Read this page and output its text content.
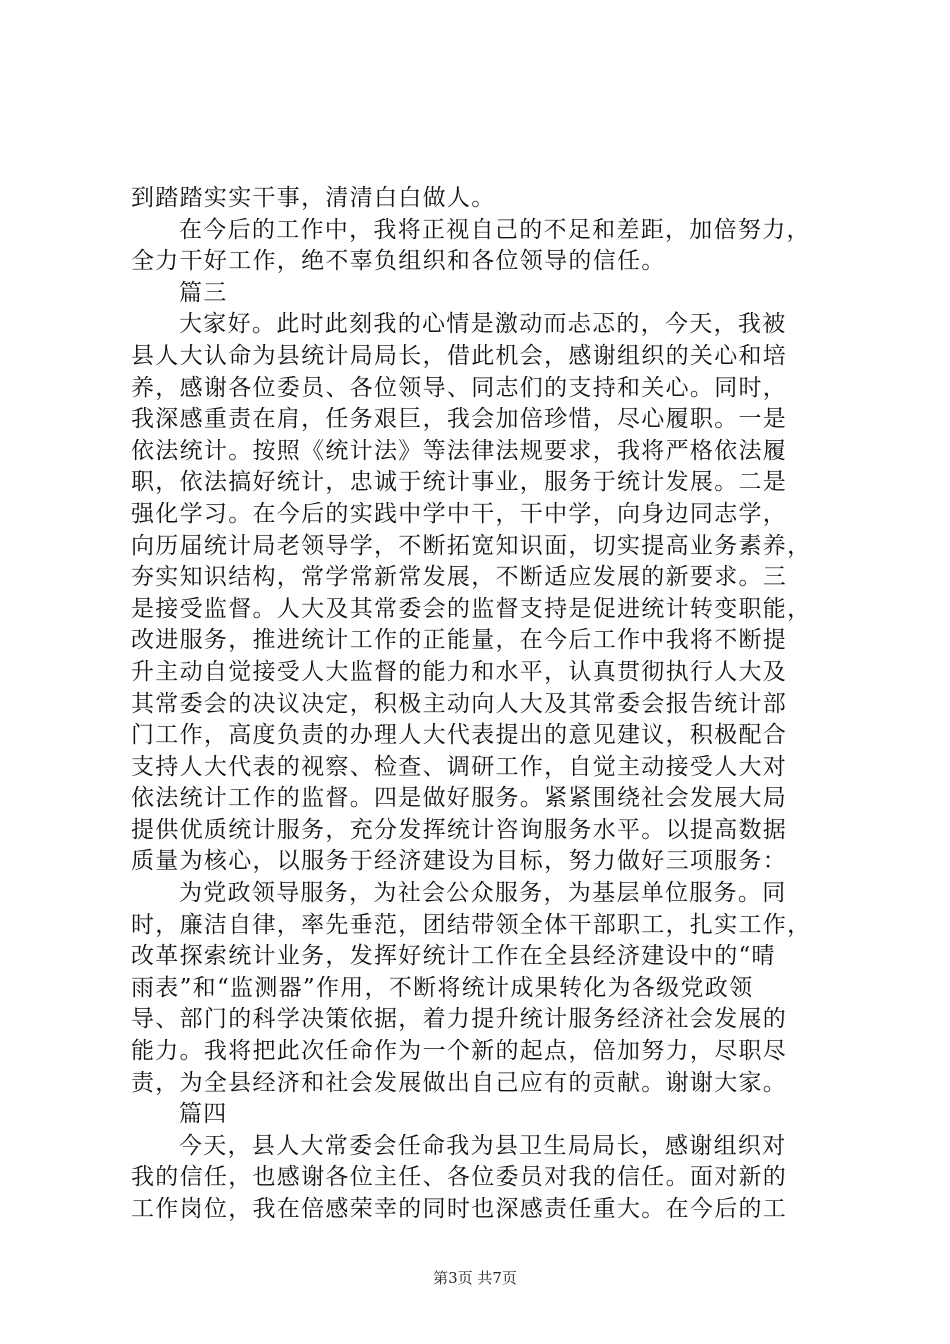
到踏踏实实干事，清清白白做人。
在今后的工作中，我将正视自己的不足和差距，加倍努力，
全力干好工作，绝不辜负组织和各位领导的信任。
篇三
大家好。此时此刻我的心情是激动而忐忑的，今天，我被
县人大认命为县统计局局长，借此机会，感谢组织的关心和培
养，感谢各位委员、各位领导、同志们的支持和关心。同时，
我深感重责在肩，任务艰巨，我会加倍珍惜，尽心履职。一是
依法统计。按照《统计法》等法律法规要求，我将严格依法履
职，依法搞好统计，忠诚于统计事业，服务于统计发展。二是
强化学习。在今后的实践中学中干，干中学，向身边同志学，
向历届统计局老领导学，不断拓宽知识面，切实提高业务素养，
夯实知识结构，常学常新常发展，不断适应发展的新要求。三
是接受监督。人大及其常委会的监督支持是促进统计转变职能，
改进服务，推进统计工作的正能量，在今后工作中我将不断提
升主动自觉接受人大监督的能力和水平，认真贯彻执行人大及
其常委会的决议决定，积极主动向人大及其常委会报告统计部
门工作，高度负责的办理人大代表提出的意见建议，积极配合
支持人大代表的视察、检查、调研工作，自觉主动接受人大对
依法统计工作的监督。四是做好服务。紧紧围绕社会发展大局
提供优质统计服务，充分发挥统计咨询服务水平。以提高数据
质量为核心，以服务于经济建设为目标，努力做好三项服务：
为党政领导服务，为社会公众服务，为基层单位服务。同
时，廉洁自律，率先垂范，团结带领全体干部职工，扎实工作，
改革探索统计业务，发挥好统计工作在全县经济建设中的“晴
雨表”和“监测器”作用，不断将统计成果转化为各级党政领
导、部门的科学决策依据，着力提升统计服务经济社会发展的
能力。我将把此次任命作为一个新的起点，倍加努力，尽职尽
责，为全县经济和社会发展做出自己应有的贡献。谢谢大家。
篇四
今天，县人大常委会任命我为县卫生局局长，感谢组织对
我的信任，也感谢各位主任、各位委员对我的信任。面对新的
工作岗位，我在倍感荣幸的同时也深感责任重大。在今后的工
第3页 共7页
